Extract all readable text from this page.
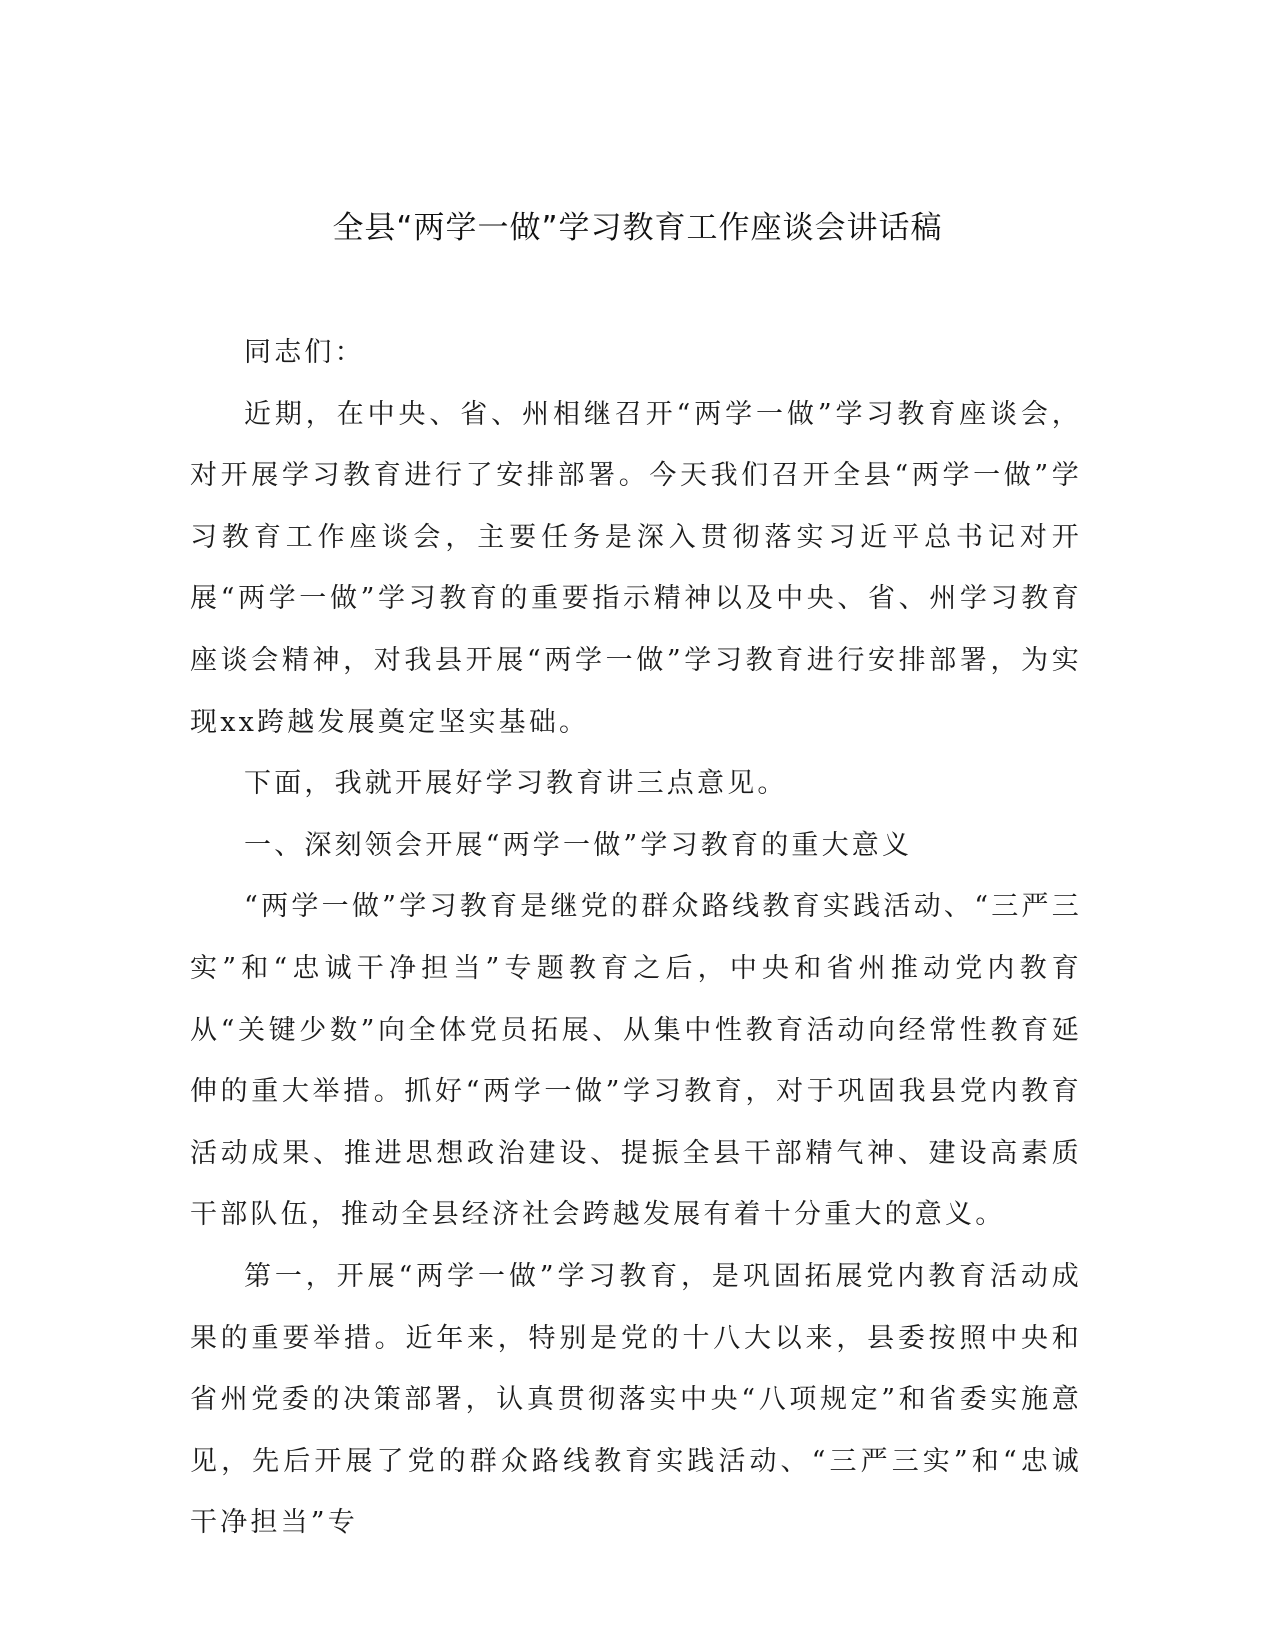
全县“两学一做”学习教育工作座谈会讲话稿

同志们：

近期，在中央、省、州相继召开“两学一做”学习教育座谈会，对开展学习教育进行了安排部署。今天我们召开全县“两学一做”学习教育工作座谈会，主要任务是深入贯彻落实习近平总书记对开展“两学一做”学习教育的重要指示精神以及中央、省、州学习教育座谈会精神，对我县开展“两学一做”学习教育进行安排部署，为实现xx跨越发展奠定坚实基础。

下面，我就开展好学习教育讲三点意见。

一、深刻领会开展“两学一做”学习教育的重大意义

“两学一做”学习教育是继党的群众路线教育实践活动、“三严三实”和“忠诚干净担当”专题教育之后，中央和省州推动党内教育从“关键少数”向全体党员拓展、从集中性教育活动向经常性教育延伸的重大举措。抓好“两学一做”学习教育，对于巩固我县党内教育活动成果、推进思想政治建设、提振全县干部精气神、建设高素质干部队伍，推动全县经济社会跨越发展有着十分重大的意义。

第一，开展“两学一做”学习教育，是巩固拓展党内教育活动成果的重要举措。近年来，特别是党的十八大以来，县委按照中央和省州党委的决策部署，认真贯彻落实中央“八项规定”和省委实施意见，先后开展了党的群众路线教育实践活动、“三严三实”和“忠诚干净担当”专
